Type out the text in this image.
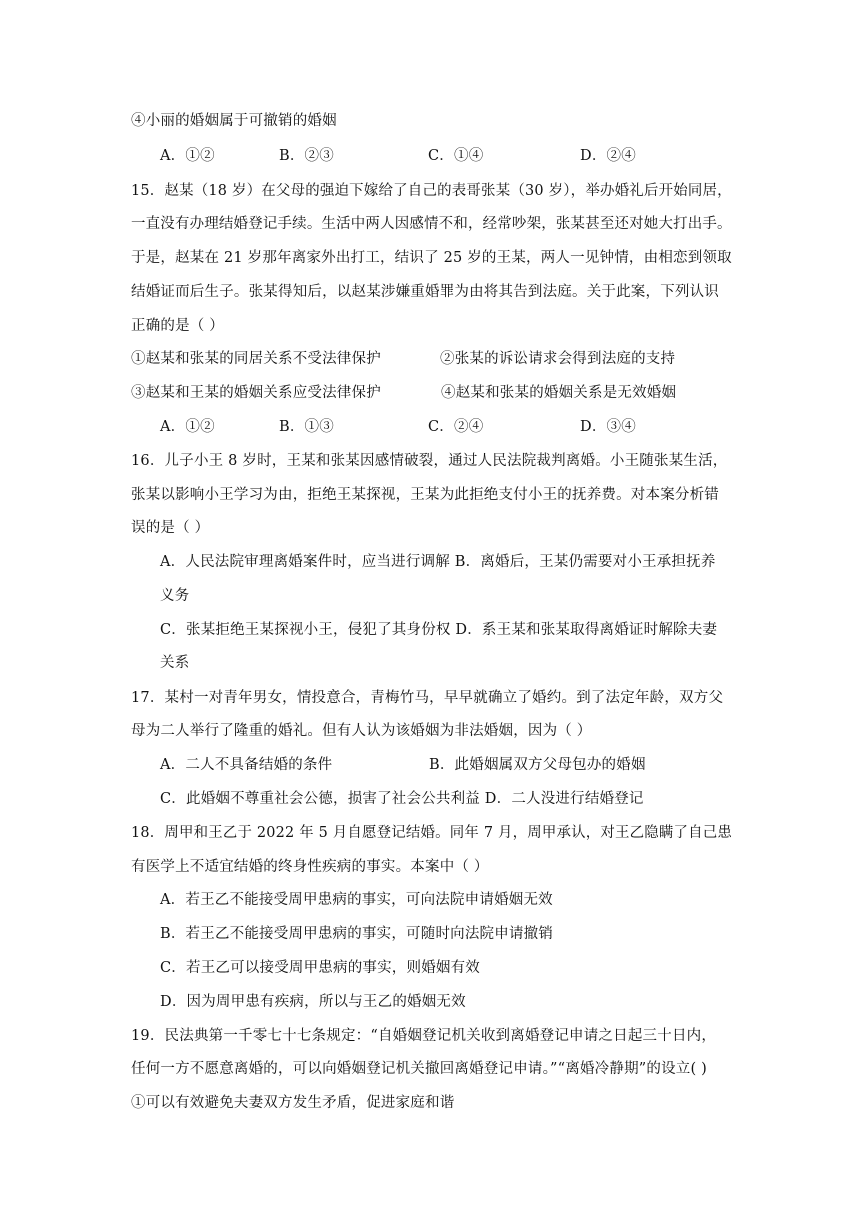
④小丽的婚姻属于可撤销的婚姻
A．①②	B．②③	C．①④	D．②④
15．赵某（18 岁）在父母的强迫下嫁给了自己的表哥张某（30 岁），举办婚礼后开始同居，
一直没有办理结婚登记手续。生活中两人因感情不和，经常吵架，张某甚至还对她大打出手。
于是，赵某在 21 岁那年离家外出打工，结识了 25 岁的王某，两人一见钟情，由相恋到领取
结婚证而后生子。张某得知后，以赵某涉嫌重婚罪为由将其告到法庭。关于此案，下列认识
正确的是（ ）
①赵某和张某的同居关系不受法律保护	②张某的诉讼请求会得到法庭的支持
③赵某和王某的婚姻关系应受法律保护	④赵某和张某的婚姻关系是无效婚姻
A．①②	B．①③	C．②④	D．③④
16．儿子小王 8 岁时，王某和张某因感情破裂，通过人民法院裁判离婚。小王随张某生活，
张某以影响小王学习为由，拒绝王某探视，王某为此拒绝支付小王的抚养费。对本案分析错
误的是（ ）
A．人民法院审理离婚案件时，应当进行调解 B．离婚后，王某仍需要对小王承担抚养
义务
C．张某拒绝王某探视小王，侵犯了其身份权 D．系王某和张某取得离婚证时解除夫妻
关系
17．某村一对青年男女，情投意合，青梅竹马，早早就确立了婚约。到了法定年龄，双方父
母为二人举行了隆重的婚礼。但有人认为该婚姻为非法婚姻，因为（ ）
A．二人不具备结婚的条件	B．此婚姻属双方父母包办的婚姻
C．此婚姻不尊重社会公德，损害了社会公共利益 D．二人没进行结婚登记
18．周甲和王乙于 2022 年 5 月自愿登记结婚。同年 7 月，周甲承认，对王乙隐瞒了自己患
有医学上不适宜结婚的终身性疾病的事实。本案中（ ）
A．若王乙不能接受周甲患病的事实，可向法院申请婚姻无效
B．若王乙不能接受周甲患病的事实，可随时向法院申请撤销
C．若王乙可以接受周甲患病的事实，则婚姻有效
D．因为周甲患有疾病，所以与王乙的婚姻无效
19．民法典第一千零七十七条规定：“自婚姻登记机关收到离婚登记申请之日起三十日内，
任何一方不愿意离婚的，可以向婚姻登记机关撤回离婚登记申请。”“离婚冷静期”的设立( )
①可以有效避免夫妻双方发生矛盾，促进家庭和谐
